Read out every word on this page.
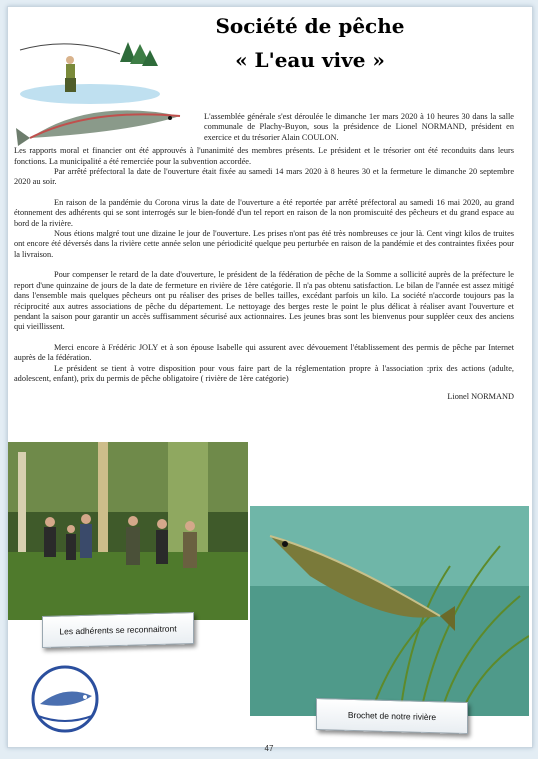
Société de pêche
« L'eau vive »

L'assemblée générale s'est déroulée le dimanche 1er mars 2020 à 10 heures 30 dans la salle communale de Plachy-Buyon, sous la présidence de Lionel NORMAND, président en exercice et du trésorier Alain COULON.

Les rapports moral et financier ont été approuvés à l'unanimité des membres présents. Le président et le trésorier ont été reconduits dans leurs fonctions. La municipalité a été remerciée pour la subvention accordée.

Par arrêté préfectoral la date de l'ouverture était fixée au samedi 14 mars 2020 à 8 heures 30 et la fermeture le dimanche 20 septembre 2020 au soir.

En raison de la pandémie du Corona virus la date de l'ouverture a été reportée par arrêté préfectoral au samedi 16 mai 2020, au grand étonnement des adhérents qui se sont interrogés sur le bien-fondé d'un tel report en raison de la non promiscuité des pêcheurs et du grand espace au bord de la rivière.

Nous étions malgré tout une dizaine le jour de l'ouverture. Les prises n'ont pas été très nombreuses ce jour là. Cent vingt kilos de truites ont encore été déversés dans la rivière cette année selon une périodicité quelque peu perturbée en raison de la pandémie et des contraintes fixées pour la livraison.

Pour compenser le retard de la date d'ouverture, le président de la fédération de pêche de la Somme a sollicité auprès de la préfecture le report d'une quinzaine de jours de la date de fermeture en rivière de 1ère catégorie. Il n'a pas obtenu satisfaction. Le bilan de l'année est assez mitigé dans l'ensemble mais quelques pêcheurs ont pu réaliser des prises de belles tailles, excédant parfois un kilo. La société n'accorde toujours pas la réciprocité aux autres associations de pêche du département. Le nettoyage des berges reste le point le plus délicat à réaliser avant l'ouverture et pendant la saison pour garantir un accès suffisamment sécurisé aux actionnaires. Les jeunes bras sont les bienvenus pour suppléer ceux des anciens qui vieillissent.

Merci encore à Frédéric JOLY et à son épouse Isabelle qui assurent avec dévouement l'établissement des permis de pêche par Internet auprès de la fédération.

Le président se tient à votre disposition pour vous faire part de la réglementation propre à l'association :prix des actions (adulte, adolescent, enfant), prix du permis de pêche obligatoire ( rivière de 1ère catégorie)

Lionel NORMAND

Les adhérents se reconnaitront
Brochet de notre rivière
47
